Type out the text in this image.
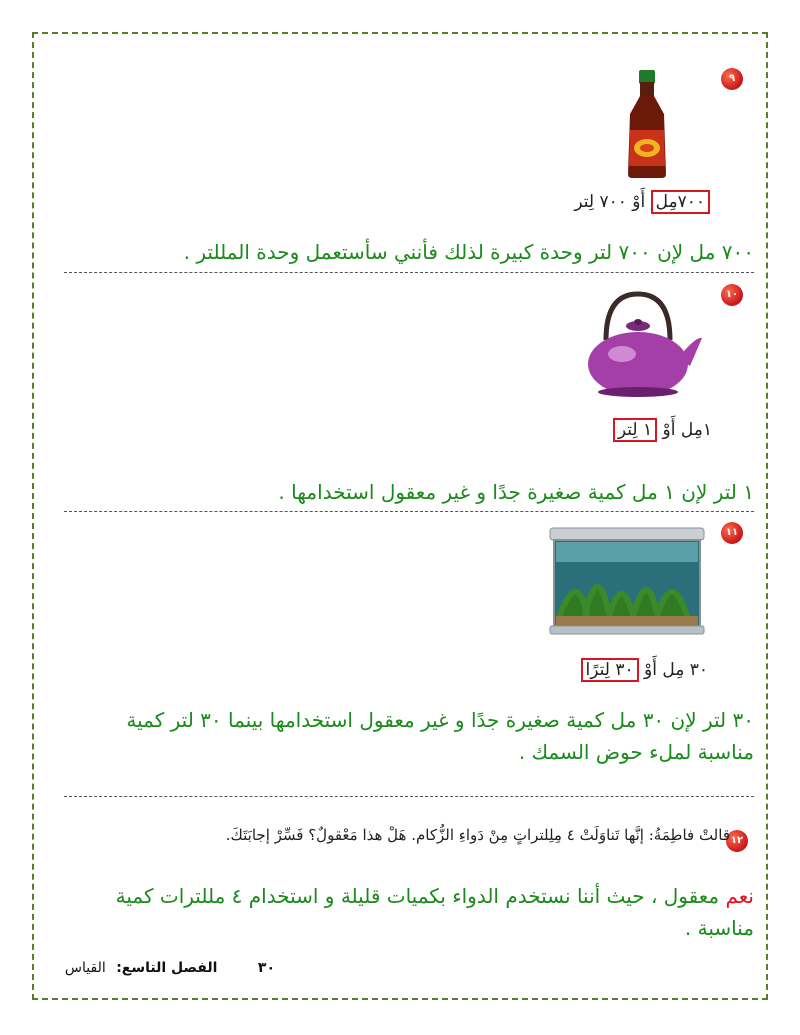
٩
٧٠٠مِل أَوْ ٧٠٠ لِتر
٧٠٠ مل لإن ٧٠٠ لتر وحدة كبيرة لذلك فأنني سأستعمل وحدة المللتر .
١٠
١مِل أَوْ ١ لِتر
١ لتر لإن ١ مل كمية صغيرة جدًا و غير معقول استخدامها .
١١
٣٠ مِل أَوْ ٣٠ لِترًا
٣٠ لتر لإن ٣٠ مل كمية صغيرة جدًا و غير معقول استخدامها بينما ٣٠ لتر كمية مناسبة لملء حوض السمك .
١٢
قالتْ فاطِمَةُ: إنَّها تَناوَلَتْ ٤ مِلِلتراتٍ مِنْ دَواءِ الزُّكام. هَلْ هذا مَعْقولٌ؟ فَسِّرْ إجابَتَكَ.
نعم معقول ، حيث أننا نستخدم الدواء بكميات قليلة و استخدام ٤ مللترات كمية مناسبة .
٣٠ الفصل التاسع: القياس
